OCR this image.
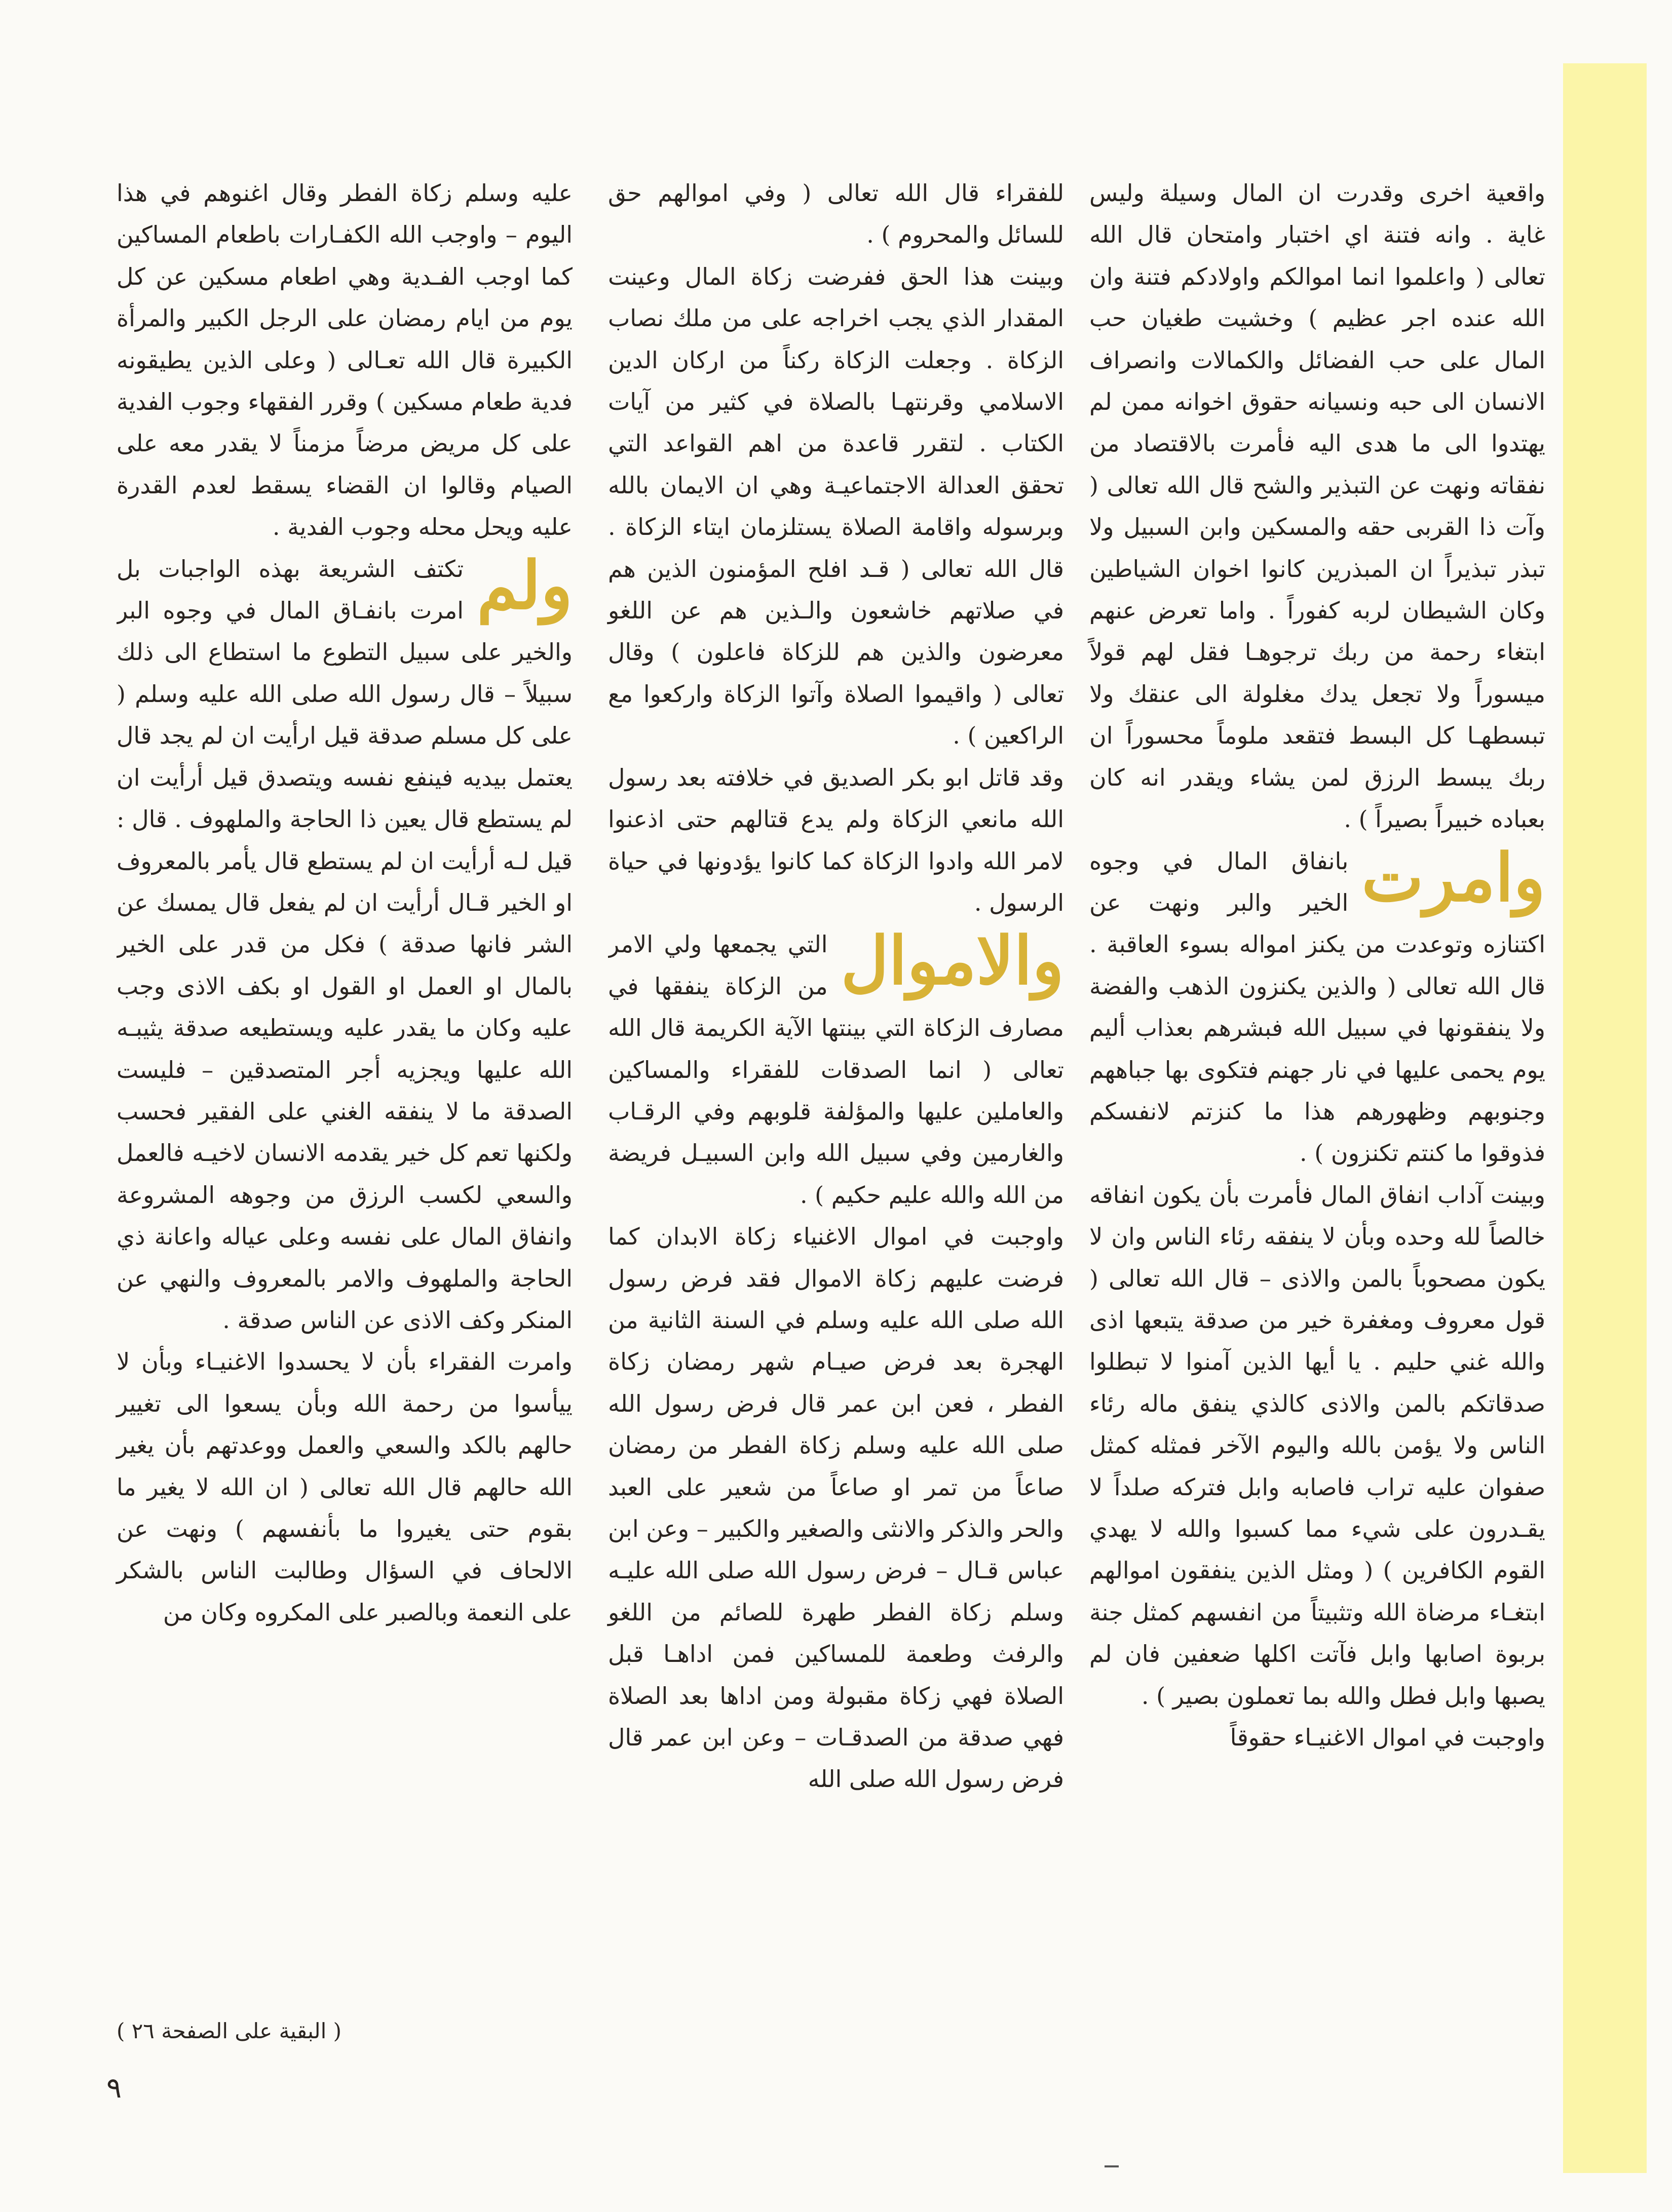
واقعية اخرى وقدرت ان المال وسيلة وليس غاية . وانه فتنة اي اختبار وامتحان قال الله تعالى ( واعلموا انما اموالكم واولادكم فتنة وان الله عنده اجر عظيم ) وخشيت طغيان حب المال على حب الفضائل والكمالات وانصراف الانسان الى حبه ونسيانه حقوق اخوانه ممن لم يهتدوا الى ما هدى اليه فأمرت بالاقتصاد من نفقاته ونهت عن التبذير والشح قال الله تعالى ( وآت ذا القربى حقه والمسكين وابن السبيل ولا تبذر تبذيراً ان المبذرين كانوا اخوان الشياطين وكان الشيطان لربه كفوراً . واما تعرض عنهم ابتغاء رحمة من ربك ترجوهـا فقل لهم قولاً ميسوراً ولا تجعل يدك مغلولة الى عنقك ولا تبسطهـا كل البسط فتقعد ملوماً محسوراً ان ربك يبسط الرزق لمن يشاء ويقدر انه كان بعباده خبيراً بصيراً ) .

وامرت

بانفاق المال في وجوه الخير والبر ونهت عن اكتنازه وتوعدت من يكنز امواله بسوء العاقبة . قال الله تعالى ( والذين يكنزون الذهب والفضة ولا ينفقونها في سبيل الله فبشرهم بعذاب أليم يوم يحمى عليها في نار جهنم فتكوى بها جباههم وجنوبهم وظهورهم هذا ما كنزتم لانفسكم فذوقوا ما كنتم تكنزون ) .

وبينت آداب انفاق المال فأمرت بأن يكون انفاقه خالصاً لله وحده وبأن لا ينفقه رئاء الناس وان لا يكون مصحوباً بالمن والاذى – قال الله تعالى ( قول معروف ومغفرة خير من صدقة يتبعها اذى والله غني حليم . يا أيها الذين آمنوا لا تبطلوا صدقاتكم بالمن والاذى كالذي ينفق ماله رئاء الناس ولا يؤمن بالله واليوم الآخر فمثله كمثل صفوان عليه تراب فاصابه وابل فتركه صلداً لا يقـدرون على شيء مما كسبوا والله لا يهدي القوم الكافرين ) ( ومثل الذين ينفقون اموالهم ابتغـاء مرضاة الله وتثبيتاً من انفسهم كمثل جنة بربوة اصابها وابل فآتت اكلها ضعفين فان لم يصبها وابل فطل والله بما تعملون بصير ) .

واوجبت في اموال الاغنيـاء حقوقاً

للفقراء قال الله تعالى ( وفي اموالهم حق للسائل والمحروم ) .

وبينت هذا الحق ففرضت زكاة المال وعينت المقدار الذي يجب اخراجه على من ملك نصاب الزكاة . وجعلت الزكاة ركناً من اركان الدين الاسلامي وقرنتهـا بالصلاة في كثير من آيات الكتاب . لتقرر قاعدة من اهم القواعد التي تحقق العدالة الاجتماعيـة وهي ان الايمان بالله وبرسوله واقامة الصلاة يستلزمان ايتاء الزكاة . قال الله تعالى ( قـد افلح المؤمنون الذين هم في صلاتهم خاشعون والـذين هم عن اللغو معرضون والذين هم للزكاة فاعلون ) وقال تعالى ( واقيموا الصلاة وآتوا الزكاة واركعوا مع الراكعين ) .

وقد قاتل ابو بكر الصديق في خلافته بعد رسول الله مانعي الزكاة ولم يدع قتالهم حتى اذعنوا لامر الله وادوا الزكاة كما كانوا يؤدونها في حياة الرسول .

والاموال

التي يجمعها ولي الامر من الزكاة ينفقها في مصارف الزكاة التي بينتها الآية الكريمة قال الله تعالى ( انما الصدقات للفقراء والمساكين والعاملين عليها والمؤلفة قلوبهم وفي الرقـاب والغارمين وفي سبيل الله وابن السبيـل فريضة من الله والله عليم حكيم ) .

واوجبت في اموال الاغنياء زكاة الابدان كما فرضت عليهم زكاة الاموال فقد فرض رسول الله صلى الله عليه وسلم في السنة الثانية من الهجرة بعد فرض صيـام شهر رمضان زكاة الفطر ، فعن ابن عمر قال فرض رسول الله صلى الله عليه وسلم زكاة الفطر من رمضان صاعاً من تمر او صاعاً من شعير على العبد والحر والذكر والانثى والصغير والكبير – وعن ابن عباس قـال – فرض رسول الله صلى الله عليـه وسلم زكاة الفطر طهرة للصائم من اللغو والرفث وطعمة للمساكين فمن اداهـا قبل الصلاة فهي زكاة مقبولة ومن اداها بعد الصلاة فهي صدقة من الصدقـات – وعن ابن عمر قال فرض رسول الله صلى الله

عليه وسلم زكاة الفطر وقال اغنوهم في هذا اليوم – واوجب الله الكفـارات باطعام المساكين كما اوجب الفـدية وهي اطعام مسكين عن كل يوم من ايام رمضان على الرجل الكبير والمرأة الكبيرة قال الله تعـالى ( وعلى الذين يطيقونه فدية طعام مسكين ) وقرر الفقهاء وجوب الفدية على كل مريض مرضاً مزمناً لا يقدر معه على الصيام وقالوا ان القضاء يسقط لعدم القدرة عليه ويحل محله وجوب الفدية .

ولم

تكتف الشريعة بهذه الواجبات بل امرت بانفـاق المال في وجوه البر والخير على سبيل التطوع ما استطاع الى ذلك سبيلاً – قال رسول الله صلى الله عليه وسلم ( على كل مسلم صدقة قيل ارأيت ان لم يجد قال يعتمل بيديه فينفع نفسه ويتصدق قيل أرأيت ان لم يستطع قال يعين ذا الحاجة والملهوف . قال : قيل لـه أرأيت ان لم يستطع قال يأمر بالمعروف او الخير قـال أرأيت ان لم يفعل قال يمسك عن الشر فانها صدقة ) فكل من قدر على الخير بالمال او العمل او القول او بكف الاذى وجب عليه وكان ما يقدر عليه ويستطيعه صدقة يثيبـه الله عليها ويجزيه أجر المتصدقين – فليست الصدقة ما لا ينفقه الغني على الفقير فحسب ولكنها تعم كل خير يقدمه الانسان لاخيـه فالعمل والسعي لكسب الرزق من وجوهه المشروعة وانفاق المال على نفسه وعلى عياله واعانة ذي الحاجة والملهوف والامر بالمعروف والنهي عن المنكر وكف الاذى عن الناس صدقة .

وامرت الفقراء بأن لا يحسدوا الاغنيـاء وبأن لا ييأسوا من رحمة الله وبأن يسعوا الى تغيير حالهم بالكد والسعي والعمل ووعدتهم بأن يغير الله حالهم قال الله تعالى ( ان الله لا يغير ما بقوم حتى يغيروا ما بأنفسهم ) ونهت عن الالحاف في السؤال وطالبت الناس بالشكر على النعمة وبالصبر على المكروه وكان من

( البقية على الصفحة ٢٦ )
٩
